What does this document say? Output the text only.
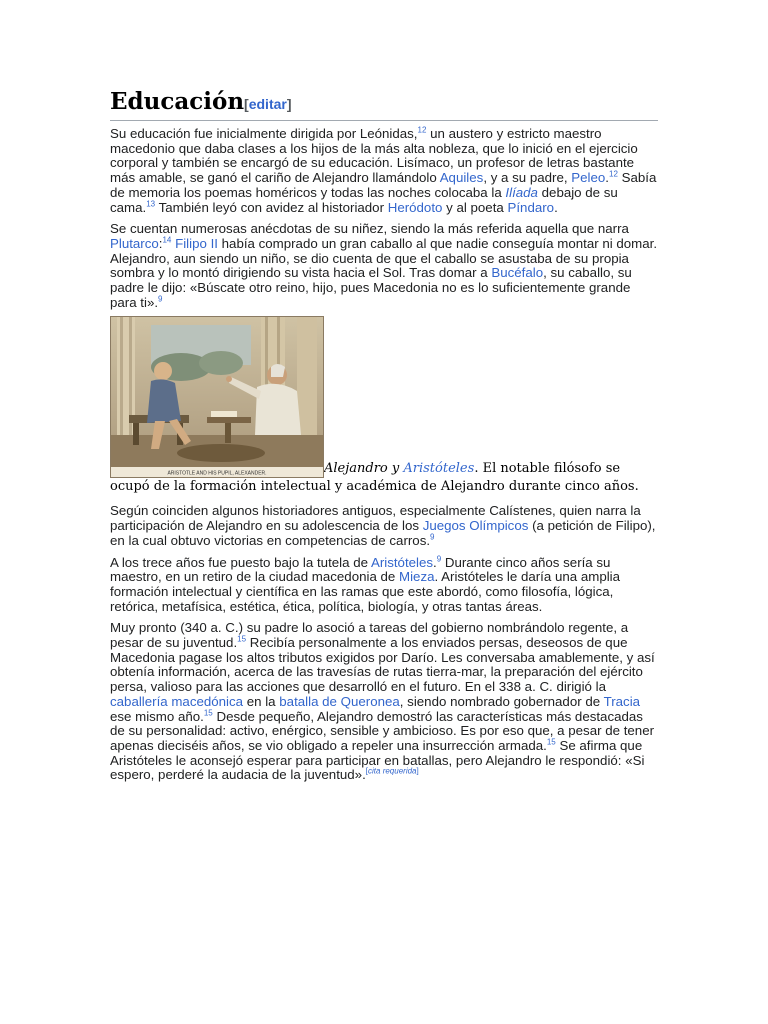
Educación[editar]

Su educación fue inicialmente dirigida por Leónidas,$^{12}$ un austero y estricto maestro macedonio que daba clases a los hijos de la más alta nobleza, que lo inició en el ejercicio corporal y también se encargó de su educación. Lisímaco, un profesor de letras bastante más amable, se ganó el cariño de Alejandro llamándolo Aquiles, y a su padre, Peleo.$^{12}$ Sabía de memoria los poemas homéricos y todas las noches colocaba la Ilíada debajo de su cama.$^{13}$ También leyó con avidez al historiador Heródoto y al poeta Píndaro.

Se cuentan numerosas anécdotas de su niñez, siendo la más referida aquella que narra Plutarco:$^{14}$ Filipo II había comprado un gran caballo al que nadie conseguía montar ni domar. Alejandro, aun siendo un niño, se dio cuenta de que el caballo se asustaba de su propia sombra y lo montó dirigiendo su vista hacia el Sol. Tras domar a Bucéfalo, su caballo, su padre le dijo: «Búscate otro reino, hijo, pues Macedonia no es lo suficientemente grande para ti».$^9$

ARISTOTLE AND HIS PUPIL, ALEXANDER.	Alejandro y Aristóteles. El notable filósofo se ocupó de la formación intelectual y académica de Alejandro durante cinco años.

Según coinciden algunos historiadores antiguos, especialmente Calístenes, quien narra la participación de Alejandro en su adolescencia de los Juegos Olímpicos (a petición de Filipo), en la cual obtuvo victorias en competencias de carros.$^9$

A los trece años fue puesto bajo la tutela de Aristóteles.$^9$ Durante cinco años sería su maestro, en un retiro de la ciudad macedonia de Mieza. Aristóteles le daría una amplia formación intelectual y científica en las ramas que este abordó, como filosofía, lógica, retórica, metafísica, estética, ética, política, biología, y otras tantas áreas.

Muy pronto (340 a. C.) su padre lo asoció a tareas del gobierno nombrándolo regente, a pesar de su juventud.$^{15}$ Recibía personalmente a los enviados persas, deseosos de que Macedonia pagase los altos tributos exigidos por Darío. Les conversaba amablemente, y así obtenía información, acerca de las travesías de rutas tierra-mar, la preparación del ejército persa, valioso para las acciones que desarrolló en el futuro. En el 338 a. C. dirigió la caballería macedónica en la batalla de Queronea, siendo nombrado gobernador de Tracia ese mismo año.$^{15}$ Desde pequeño, Alejandro demostró las características más destacadas de su personalidad: activo, enérgico, sensible y ambicioso. Es por eso que, a pesar de tener apenas dieciséis años, se vio obligado a repeler una insurrección armada.$^{15}$ Se afirma que Aristóteles le aconsejó esperar para participar en batallas, pero Alejandro le respondió: «Si espero, perderé la audacia de la juventud».[cita requerida]
